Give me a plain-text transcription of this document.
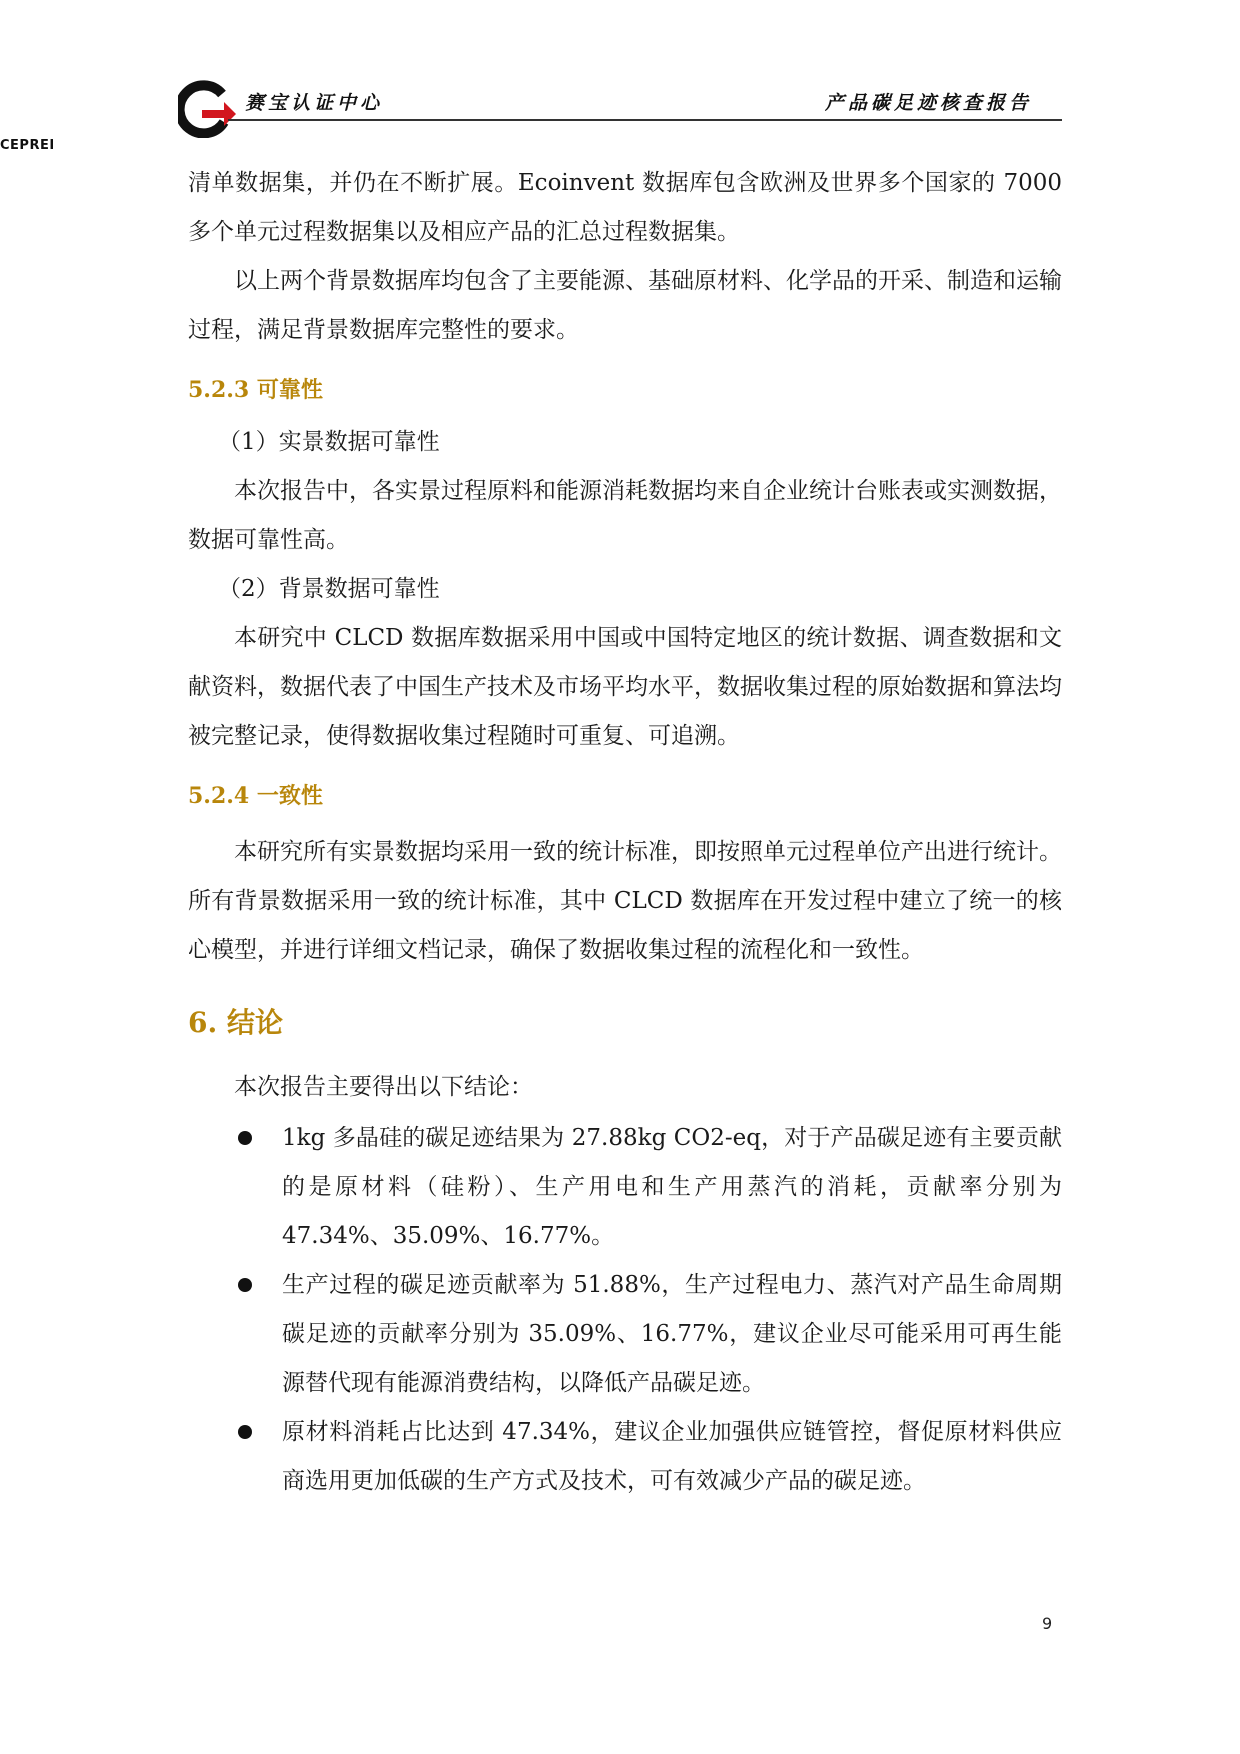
CEPREI
赛宝认证中心	产品碳足迹核查报告

清单数据集，并仍在不断扩展。Ecoinvent 数据库包含欧洲及世界多个国家的 7000 多个单元过程数据集以及相应产品的汇总过程数据集。

以上两个背景数据库均包含了主要能源、基础原材料、化学品的开采、制造和运输过程，满足背景数据库完整性的要求。

5.2.3 可靠性

（1）实景数据可靠性

本次报告中，各实景过程原料和能源消耗数据均来自企业统计台账表或实测数据，数据可靠性高。

（2）背景数据可靠性

本研究中 CLCD 数据库数据采用中国或中国特定地区的统计数据、调查数据和文献资料，数据代表了中国生产技术及市场平均水平，数据收集过程的原始数据和算法均被完整记录，使得数据收集过程随时可重复、可追溯。

5.2.4 一致性

本研究所有实景数据均采用一致的统计标准，即按照单元过程单位产出进行统计。所有背景数据采用一致的统计标准，其中 CLCD 数据库在开发过程中建立了统一的核心模型，并进行详细文档记录，确保了数据收集过程的流程化和一致性。

6. 结论

本次报告主要得出以下结论：

1kg 多晶硅的碳足迹结果为 27.88kg CO2-eq，对于产品碳足迹有主要贡献的是原材料（硅粉）、生产用电和生产用蒸汽的消耗，贡献率分别为 47.34%、35.09%、16.77%。
生产过程的碳足迹贡献率为 51.88%，生产过程电力、蒸汽对产品生命周期碳足迹的贡献率分别为 35.09%、16.77%，建议企业尽可能采用可再生能源替代现有能源消费结构，以降低产品碳足迹。
原材料消耗占比达到 47.34%，建议企业加强供应链管控，督促原材料供应商选用更加低碳的生产方式及技术，可有效减少产品的碳足迹。
9
